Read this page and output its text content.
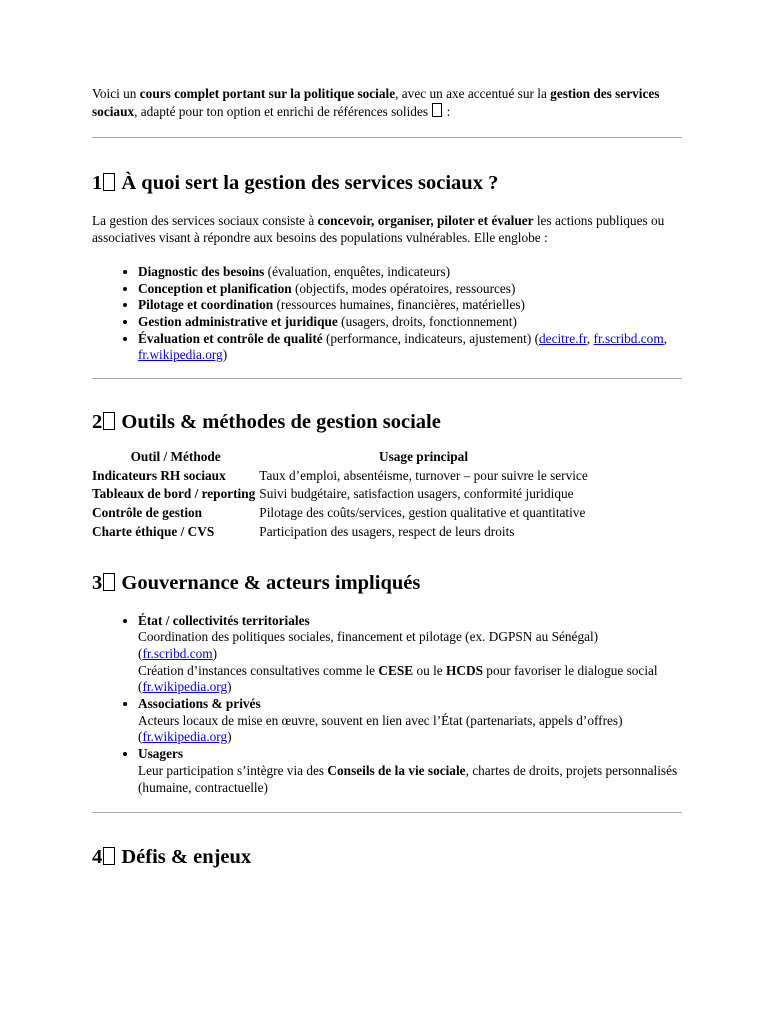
Voici un cours complet portant sur la politique sociale, avec un axe accentué sur la gestion des services sociaux, adapté pour ton option et enrichi de références solides  :

1 À quoi sert la gestion des services sociaux ?

La gestion des services sociaux consiste à concevoir, organiser, piloter et évaluer les actions publiques ou associatives visant à répondre aux besoins des populations vulnérables. Elle englobe :

• Diagnostic des besoins (évaluation, enquêtes, indicateurs)
• Conception et planification (objectifs, modes opératoires, ressources)
• Pilotage et coordination (ressources humaines, financières, matérielles)
• Gestion administrative et juridique (usagers, droits, fonctionnement)
• Évaluation et contrôle de qualité (performance, indicateurs, ajustement) (decitre.fr, fr.scribd.com, fr.wikipedia.org)
2 Outils & méthodes de gestion sociale
Outil / Méthode	Usage principal
Indicateurs RH sociaux	Taux d’emploi, absentéisme, turnover – pour suivre le service
Tableaux de bord / reporting	Suivi budgétaire, satisfaction usagers, conformité juridique
Contrôle de gestion	Pilotage des coûts/services, gestion qualitative et quantitative
Charte éthique / CVS	Participation des usagers, respect de leurs droits
3 Gouvernance & acteurs impliqués
• État / collectivités territoriales
Coordination des politiques sociales, financement et pilotage (ex. DGPSN au Sénégal)
(fr.scribd.com)
Création d’instances consultatives comme le CESE ou le HCDS pour favoriser le dialogue social (fr.wikipedia.org)
• Associations & privés
Acteurs locaux de mise en œuvre, souvent en lien avec l’État (partenariats, appels d’offres) (fr.wikipedia.org)
• Usagers
Leur participation s’intègre via des Conseils de la vie sociale, chartes de droits, projets personnalisés (humaine, contractuelle)
4 Défis & enjeux
